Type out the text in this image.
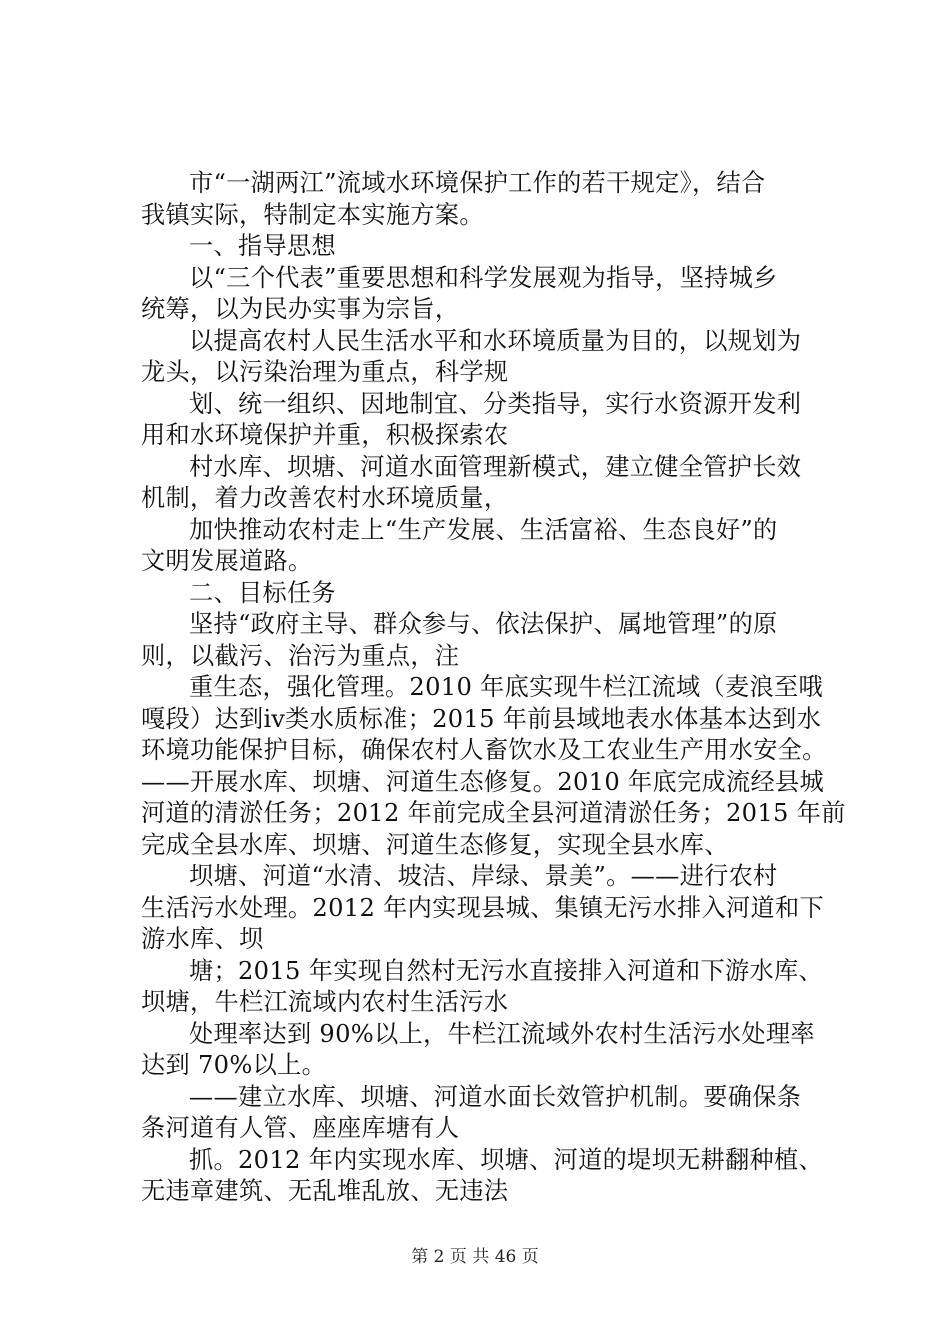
市“一湖两江”流域水环境保护工作的若干规定》，结合
我镇实际，特制定本实施方案。
一、指导思想
以“三个代表”重要思想和科学发展观为指导，坚持城乡
统筹，以为民办实事为宗旨，
以提高农村人民生活水平和水环境质量为目的，以规划为
龙头，以污染治理为重点，科学规
划、统一组织、因地制宜、分类指导，实行水资源开发利
用和水环境保护并重，积极探索农
村水库、坝塘、河道水面管理新模式，建立健全管护长效
机制，着力改善农村水环境质量，
加快推动农村走上“生产发展、生活富裕、生态良好”的
文明发展道路。
二、目标任务
坚持“政府主导、群众参与、依法保护、属地管理”的原
则，以截污、治污为重点，注
重生态，强化管理。2010 年底实现牛栏江流域（麦浪至哦
嘎段）达到ⅳ类水质标准；2015 年前县域地表水体基本达到水
环境功能保护目标，确保农村人畜饮水及工农业生产用水安全。
——开展水库、坝塘、河道生态修复。2010 年底完成流经县城
河道的清淤任务；2012 年前完成全县河道清淤任务；2015 年前
完成全县水库、坝塘、河道生态修复，实现全县水库、
坝塘、河道“水清、坡洁、岸绿、景美”。——进行农村
生活污水处理。2012 年内实现县城、集镇无污水排入河道和下
游水库、坝
塘；2015 年实现自然村无污水直接排入河道和下游水库、
坝塘，牛栏江流域内农村生活污水
处理率达到 90%以上，牛栏江流域外农村生活污水处理率
达到 70%以上。
——建立水库、坝塘、河道水面长效管护机制。要确保条
条河道有人管、座座库塘有人
抓。2012 年内实现水库、坝塘、河道的堤坝无耕翻种植、
无违章建筑、无乱堆乱放、无违法
第 2 页 共 46 页
